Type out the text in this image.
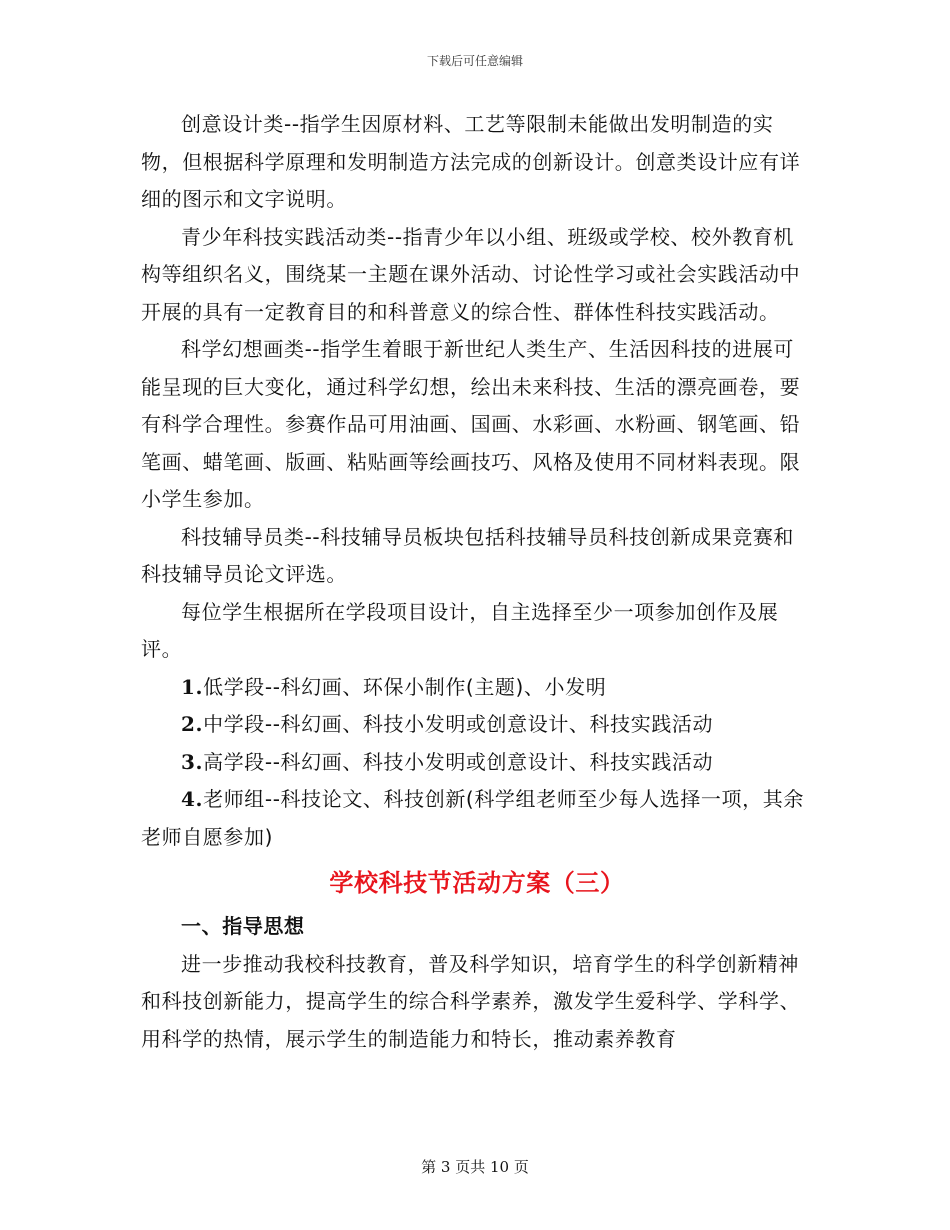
下载后可任意编辑

创意设计类--指学生因原材料、工艺等限制未能做出发明制造的实物，但根据科学原理和发明制造方法完成的创新设计。创意类设计应有详细的图示和文字说明。

青少年科技实践活动类--指青少年以小组、班级或学校、校外教育机构等组织名义，围绕某一主题在课外活动、讨论性学习或社会实践活动中开展的具有一定教育目的和科普意义的综合性、群体性科技实践活动。

科学幻想画类--指学生着眼于新世纪人类生产、生活因科技的进展可能呈现的巨大变化，通过科学幻想，绘出未来科技、生活的漂亮画卷，要有科学合理性。参赛作品可用油画、国画、水彩画、水粉画、钢笔画、铅笔画、蜡笔画、版画、粘贴画等绘画技巧、风格及使用不同材料表现。限小学生参加。

科技辅导员类--科技辅导员板块包括科技辅导员科技创新成果竞赛和科技辅导员论文评选。

每位学生根据所在学段项目设计，自主选择至少一项参加创作及展评。

1.低学段--科幻画、环保小制作(主题)、小发明

2.中学段--科幻画、科技小发明或创意设计、科技实践活动

3.高学段--科幻画、科技小发明或创意设计、科技实践活动

4.老师组--科技论文、科技创新(科学组老师至少每人选择一项，其余老师自愿参加)

学校科技节活动方案（三）

一、指导思想

进一步推动我校科技教育，普及科学知识，培育学生的科学创新精神和科技创新能力，提高学生的综合科学素养，激发学生爱科学、学科学、用科学的热情，展示学生的制造能力和特长，推动素养教育

第 3 页共 10 页
